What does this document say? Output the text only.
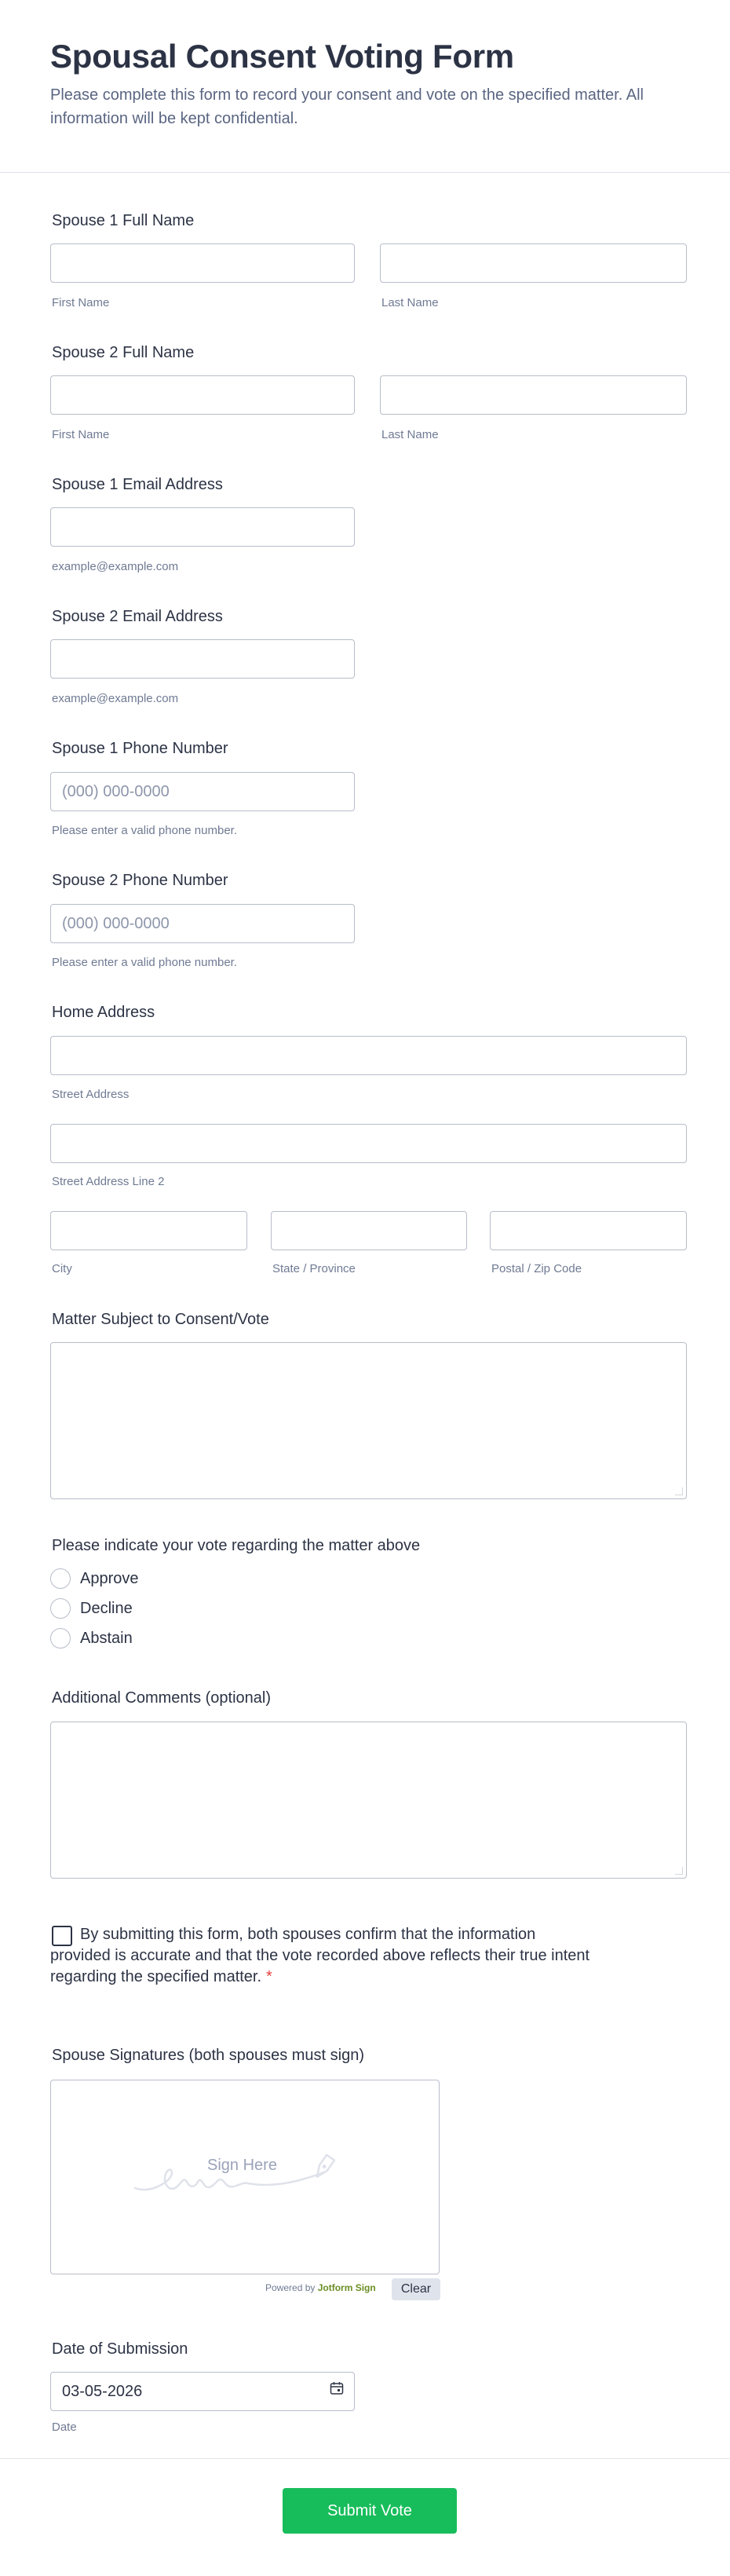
Spousal Consent Voting Form
Please complete this form to record your consent and vote on the specified matter. All information will be kept confidential.
Spouse 1 Full Name
First Name	Last Name
Spouse 2 Full Name
First Name	Last Name
Spouse 1 Email Address
example@example.com
Spouse 2 Email Address
example@example.com
Spouse 1 Phone Number
(000) 000-0000
Please enter a valid phone number.
Spouse 2 Phone Number
(000) 000-0000
Please enter a valid phone number.
Home Address
Street Address
Street Address Line 2
City	State / Province	Postal / Zip Code
Matter Subject to Consent/Vote
Please indicate your vote regarding the matter above
Approve
Decline
Abstain
Additional Comments (optional)
By submitting this form, both spouses confirm that the information provided is accurate and that the vote recorded above reflects their true intent regarding the specified matter. *
Spouse Signatures (both spouses must sign)
Sign Here
Powered by Jotform Sign	Clear
Date of Submission
03-05-2026
Date
Submit Vote
